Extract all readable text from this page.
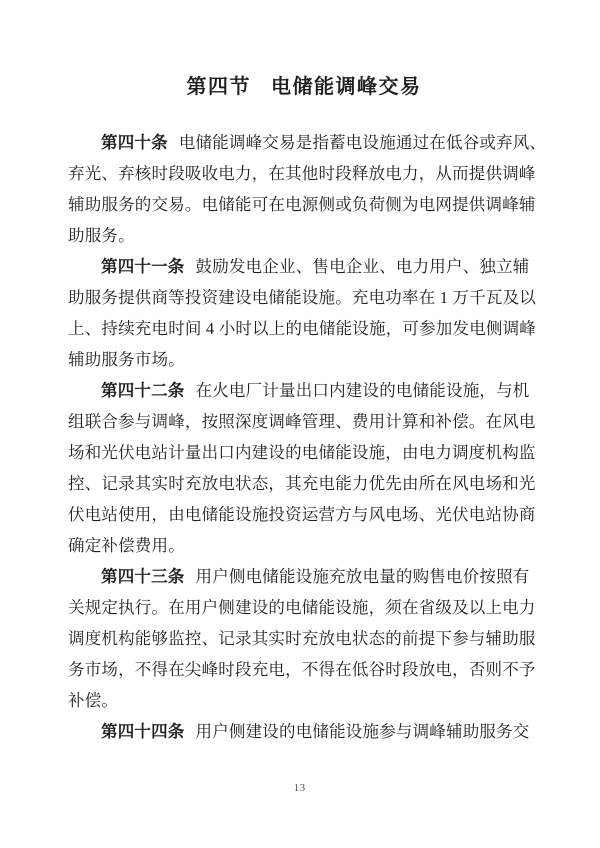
第四节 电储能调峰交易
第四十条 电储能调峰交易是指蓄电设施通过在低谷或弃风、
弃光、弃核时段吸收电力，在其他时段释放电力，从而提供调峰
辅助服务的交易。电储能可在电源侧或负荷侧为电网提供调峰辅
助服务。
第四十一条 鼓励发电企业、售电企业、电力用户、独立辅
助服务提供商等投资建设电储能设施。充电功率在 1 万千瓦及以
上、持续充电时间 4 小时以上的电储能设施，可参加发电侧调峰
辅助服务市场。
第四十二条 在火电厂计量出口内建设的电储能设施，与机
组联合参与调峰，按照深度调峰管理、费用计算和补偿。在风电
场和光伏电站计量出口内建设的电储能设施，由电力调度机构监
控、记录其实时充放电状态，其充电能力优先由所在风电场和光
伏电站使用，由电储能设施投资运营方与风电场、光伏电站协商
确定补偿费用。
第四十三条 用户侧电储能设施充放电量的购售电价按照有
关规定执行。在用户侧建设的电储能设施，须在省级及以上电力
调度机构能够监控、记录其实时充放电状态的前提下参与辅助服
务市场，不得在尖峰时段充电，不得在低谷时段放电，否则不予
补偿。
第四十四条 用户侧建设的电储能设施参与调峰辅助服务交
13
